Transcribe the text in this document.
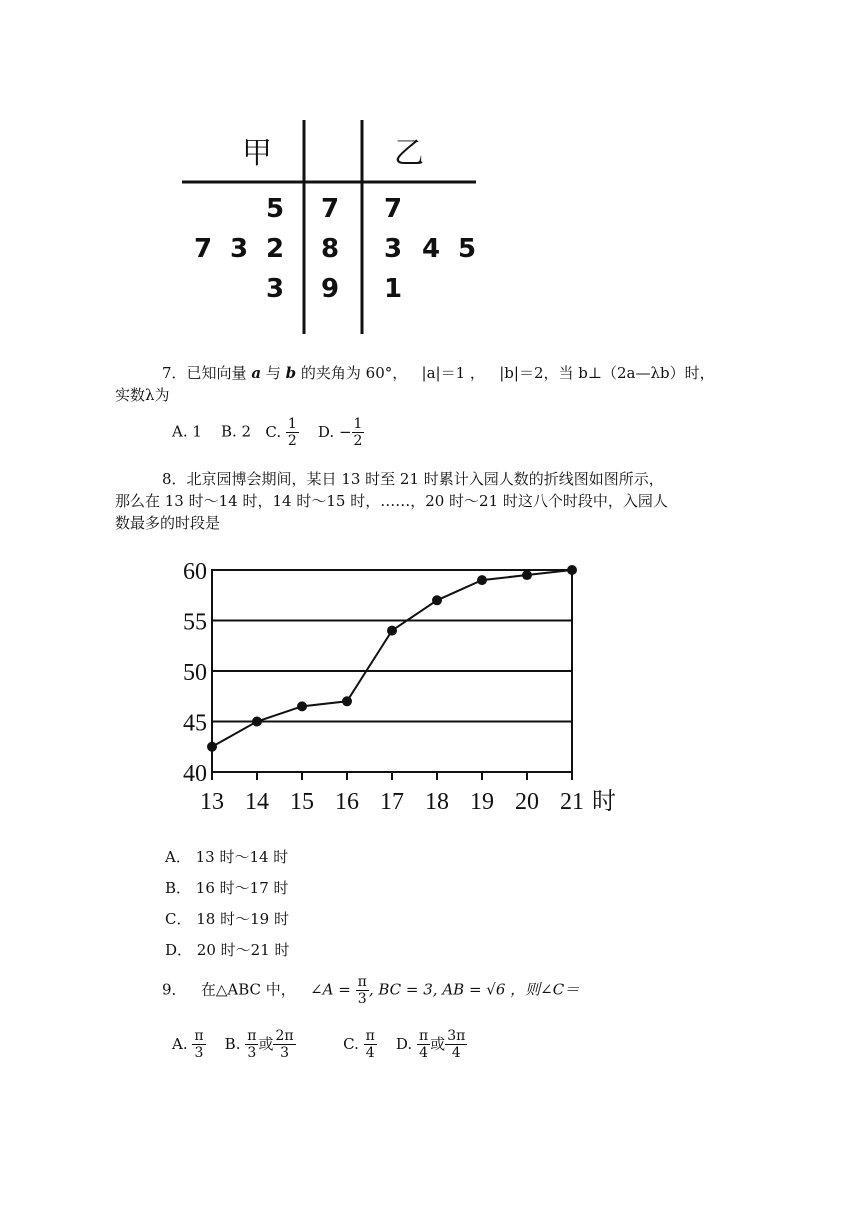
甲	乙
5 7 7
7 3 2 8 3 4 5
3 9 1
7．已知向量 a 与 b 的夹角为 60°， |a|＝1 ， |b|＝2，当 b⊥（2a—λb）时，
实数λ为
A. 1 B. 2 C. $\frac{1}{2} D$. − $\frac{1}{2}$
8．北京园博会期间，某日 13 时至 21 时累计入园人数的折线图如图所示，
那么在 13 时～14 时，14 时～15 时，……，20 时～21 时这八个时段中，入园人
数最多的时段是
40
45
50
55
60
13 14 15 16 17 18 19 20 21 时
A． 13 时～14 时
B． 16 时～17 时
C． 18 时～19 时
D． 20 时～21 时
9． 在△ABC 中， ∠A = $\frac{\pi}{3}$ , BC = 3, AB = √6 ，则∠C＝
A. $\frac{\pi}{3} B$. $\frac{\pi}{3}$ 或 $\frac{2\pi}{3}$	C. $\frac{\pi}{4} D$. $\frac{\pi}{4}$ 或 $\frac{3\pi}{4}$
